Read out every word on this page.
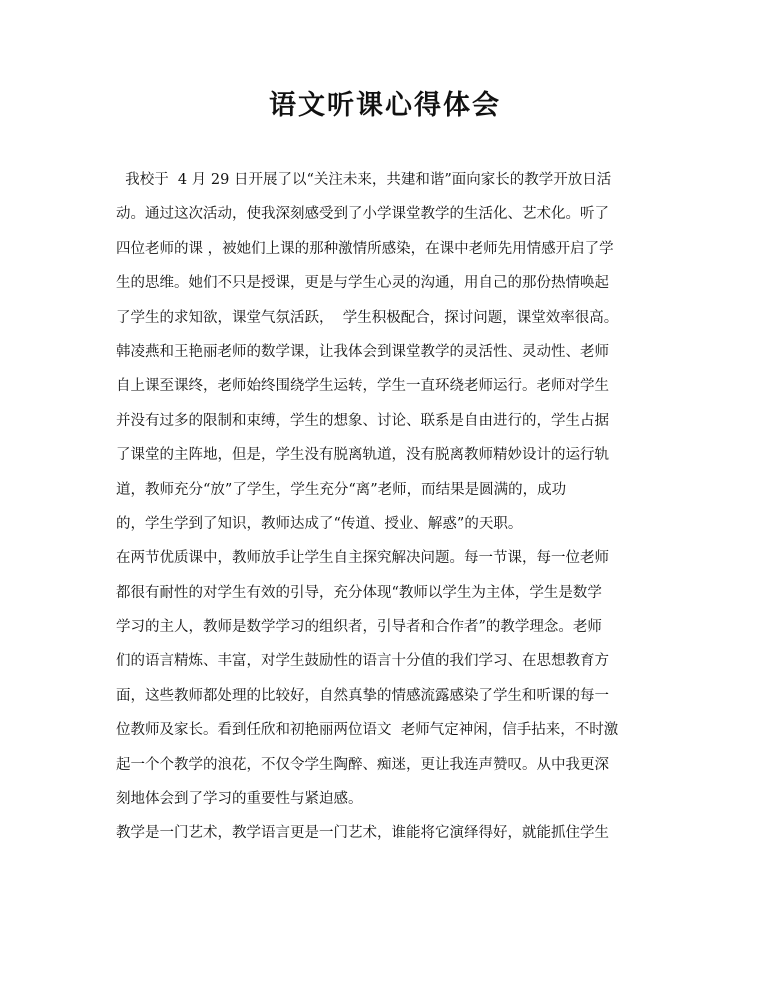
语文听课心得体会
我校于  4 月 29 日开展了以“关注未来，共建和谐”面向家长的教学开放日活
动。通过这次活动，使我深刻感受到了小学课堂教学的生活化、艺术化。听了
四位老师的课 ，被她们上课的那种激情所感染，在课中老师先用情感开启了学
生的思维。她们不只是授课，更是与学生心灵的沟通，用自己的那份热情唤起
了学生的求知欲，课堂气氛活跃，  学生积极配合，探讨问题，课堂效率很高。
韩凌燕和王艳丽老师的数学课，让我体会到课堂教学的灵活性、灵动性、老师
自上课至课终，老师始终围绕学生运转，学生一直环绕老师运行。老师对学生
并没有过多的限制和束缚，学生的想象、讨论、联系是自由进行的，学生占据
了课堂的主阵地，但是，学生没有脱离轨道，没有脱离教师精妙设计的运行轨
道，教师充分“放”了学生，学生充分“离”老师，而结果是圆满的，成功
的，学生学到了知识，教师达成了“传道、授业、解惑”的天职。
在两节优质课中，教师放手让学生自主探究解决问题。每一节课，每一位老师
都很有耐性的对学生有效的引导，充分体现“教师以学生为主体，学生是数学
学习的主人，教师是数学学习的组织者，引导者和合作者”的教学理念。老师
们的语言精炼、丰富，对学生鼓励性的语言十分值的我们学习、在思想教育方
面，这些教师都处理的比较好，自然真挚的情感流露感染了学生和听课的每一
位教师及家长。看到任欣和初艳丽两位语文  老师气定神闲，信手拈来，不时激
起一个个教学的浪花，不仅令学生陶醉、痴迷，更让我连声赞叹。从中我更深
刻地体会到了学习的重要性与紧迫感。
教学是一门艺术，教学语言更是一门艺术，谁能将它演绎得好，就能抓住学生
